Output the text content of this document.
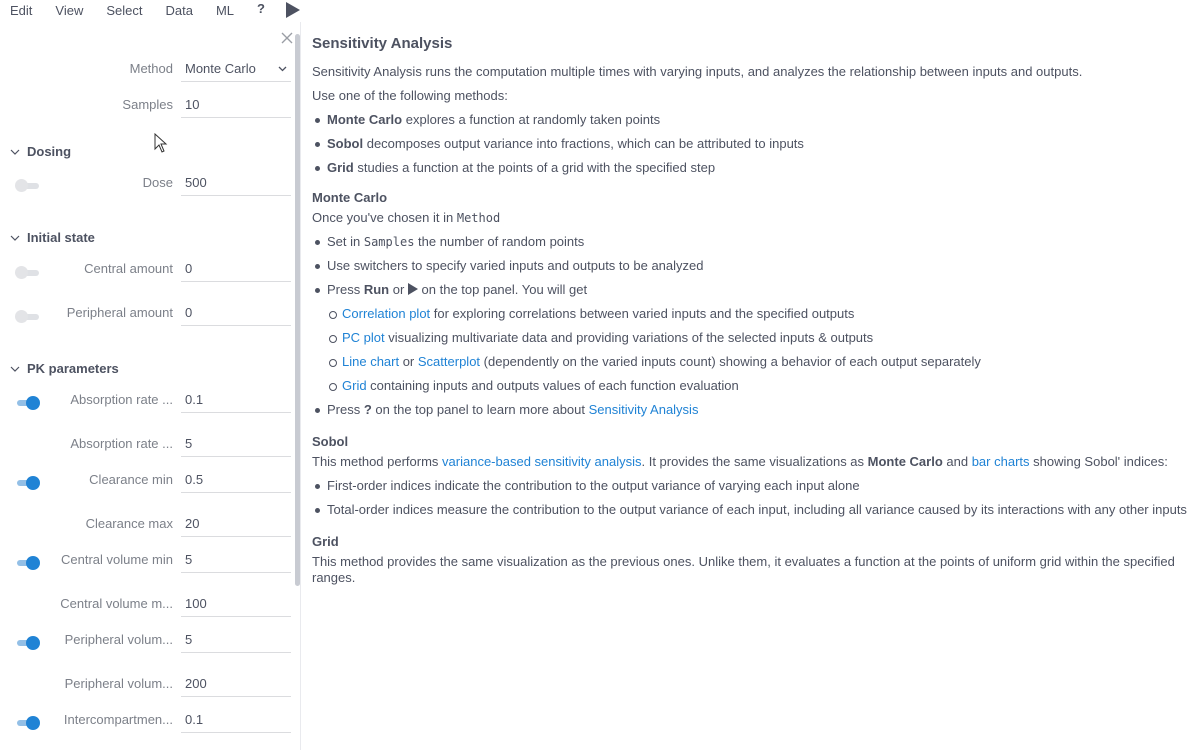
Edit	View	Select	Data	ML ?
Method Monte Carlo
Samples 10
Dosing
Dose 500
Initial state
Central amount 0
Peripheral amount 0
PK parameters
Absorption rate ... 0.1
Absorption rate ... 5
Clearance min 0.5
Clearance max 20
Central volume min 5
Central volume m... 100
Peripheral volum... 5
Peripheral volum... 200
Intercompartmen... 0.1
Sensitivity Analysis

Sensitivity Analysis runs the computation multiple times with varying inputs, and analyzes the relationship between inputs and outputs.

Use one of the following methods:

Monte Carlo explores a function at randomly taken points
Sobol decomposes output variance into fractions, which can be attributed to inputs
Grid studies a function at the points of a grid with the specified step
Monte Carlo

Once you've chosen it in Method

Set in Samples the number of random points
Use switchers to specify varied inputs and outputs to be analyzed
Press Run or  on the top panel. You will get
Correlation plot for exploring correlations between varied inputs and the specified outputs
PC plot visualizing multivariate data and providing variations of the selected inputs & outputs
Line chart or Scatterplot (dependently on the varied inputs count) showing a behavior of each output separately
Grid containing inputs and outputs values of each function evaluation
Press ? on the top panel to learn more about Sensitivity Analysis
Sobol

This method performs variance-based sensitivity analysis. It provides the same visualizations as Monte Carlo and bar charts showing Sobol' indices:

First-order indices indicate the contribution to the output variance of varying each input alone
Total-order indices measure the contribution to the output variance of each input, including all variance caused by its interactions with any other inputs
Grid

This method provides the same visualization as the previous ones. Unlike them, it evaluates a function at the points of uniform grid within the specified ranges.
